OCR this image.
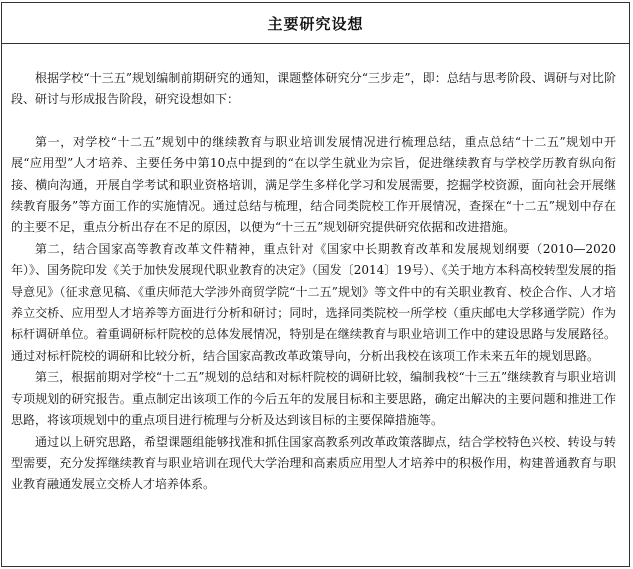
主要研究设想

根据学校“十三五”规划编制前期研究的通知，课题整体研究分“三步走”，即：总结与思考阶段、调研与对比阶段、研讨与形成报告阶段，研究设想如下：

第一，对学校“十二五”规划中的继续教育与职业培训发展情况进行梳理总结，重点总结“十二五”规划中开展“应用型”人才培养、主要任务中第10点中提到的“在以学生就业为宗旨，促进继续教育与学校学历教育纵向衔接、横向沟通，开展自学考试和职业资格培训，满足学生多样化学习和发展需要，挖掘学校资源，面向社会开展继续教育服务”等方面工作的实施情况。通过总结与梳理，结合同类院校工作开展情况，查探在“十二五”规划中存在的主要不足，重点分析出存在不足的原因，以便为“十三五”规划研究提供研究依据和改进措施。

第二，结合国家高等教育改革文件精神，重点针对《国家中长期教育改革和发展规划纲要（2010—2020年）》、国务院印发《关于加快发展现代职业教育的决定》（国发〔2014〕19号）、《关于地方本科高校转型发展的指导意见》（征求意见稿、《重庆师范大学涉外商贸学院“十二五”规划》等文件中的有关职业教育、校企合作、人才培养立交桥、应用型人才培养等方面进行分析和研讨；同时，选择同类院校一所学校（重庆邮电大学移通学院）作为标杆调研单位。着重调研标杆院校的总体发展情况，特别是在继续教育与职业培训工作中的建设思路与发展路径。通过对标杆院校的调研和比较分析，结合国家高教改革政策导向，分析出我校在该项工作未来五年的规划思路。

第三，根据前期对学校“十二五”规划的总结和对标杆院校的调研比较，编制我校“十三五”继续教育与职业培训专项规划的研究报告。重点制定出该项工作的今后五年的发展目标和主要思路，确定出解决的主要问题和推进工作思路，将该项规划中的重点项目进行梳理与分析及达到该目标的主要保障措施等。

通过以上研究思路，希望课题组能够找准和抓住国家高教系列改革政策落脚点，结合学校特色兴校、转设与转型需要，充分发挥继续教育与职业培训在现代大学治理和高素质应用型人才培养中的积极作用，构建普通教育与职业教育融通发展立交桥人才培养体系。
